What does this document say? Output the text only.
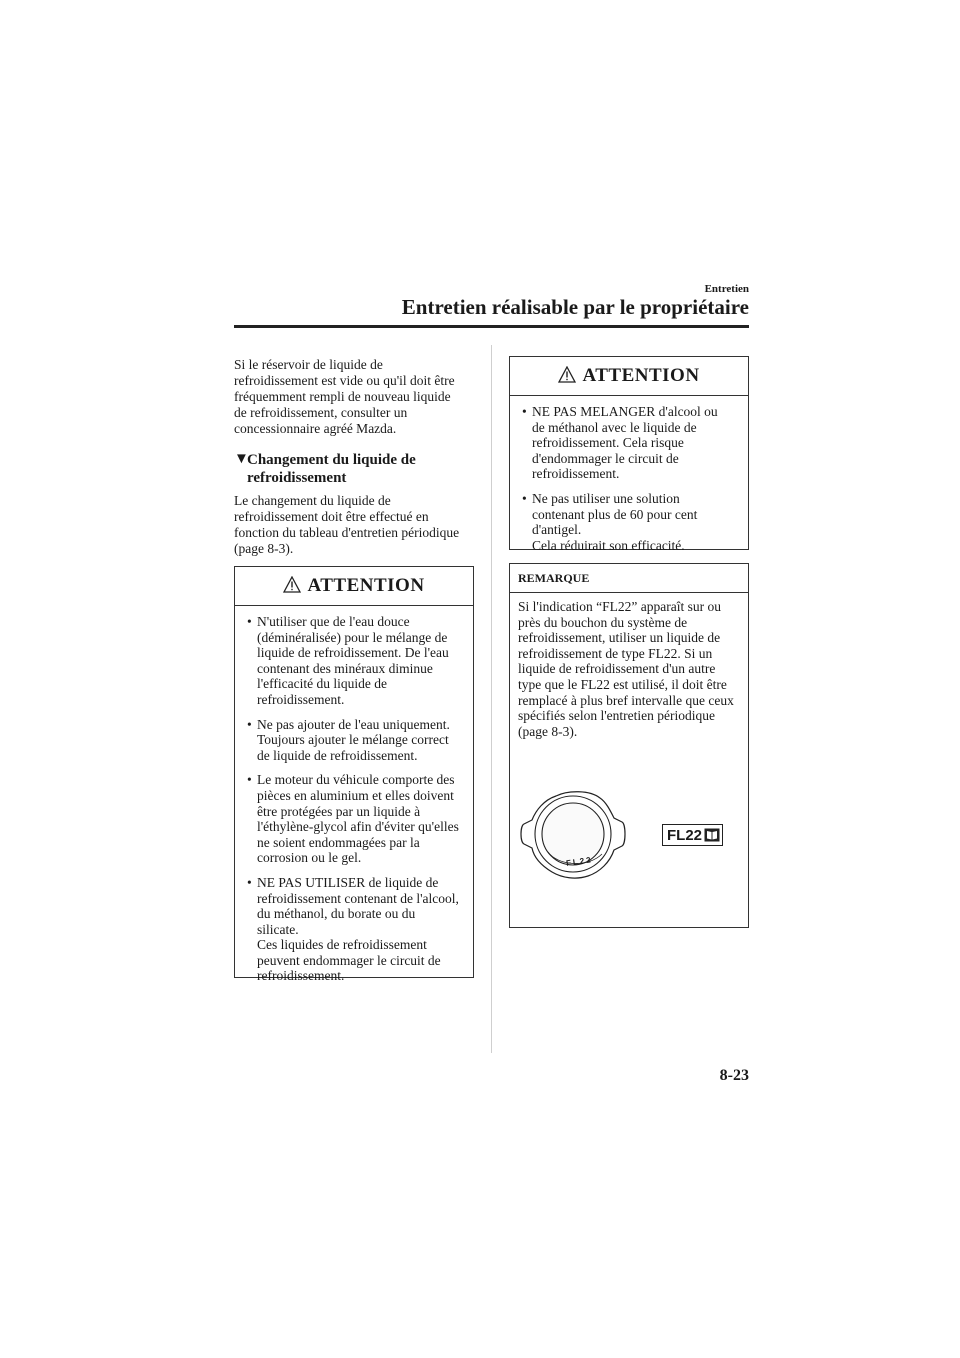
Entretien
Entretien réalisable par le propriétaire
Si le réservoir de liquide de
refroidissement est vide ou qu'il doit être
fréquemment rempli de nouveau liquide
de refroidissement, consulter un
concessionnaire agréé Mazda.
▼
Changement du liquide de
refroidissement
Le changement du liquide de
refroidissement doit être effectué en
fonction du tableau d'entretien périodique
(page 8-3).
ATTENTION
• N'utiliser que de l'eau douce
(déminéralisée) pour le mélange de
liquide de refroidissement. De l'eau
contenant des minéraux diminue
l'efficacité du liquide de
refroidissement.
• Ne pas ajouter de l'eau uniquement.
Toujours ajouter le mélange correct
de liquide de refroidissement.
• Le moteur du véhicule comporte des
pièces en aluminium et elles doivent
être protégées par un liquide à
l'éthylène-glycol afin d'éviter qu'elles
ne soient endommagées par la
corrosion ou le gel.
• NE PAS UTILISER de liquide de
refroidissement contenant de l'alcool,
du méthanol, du borate ou du
silicate.
Ces liquides de refroidissement
peuvent endommager le circuit de
refroidissement.
ATTENTION
• NE PAS MELANGER d'alcool ou
de méthanol avec le liquide de
refroidissement. Cela risque
d'endommager le circuit de
refroidissement.
• Ne pas utiliser une solution
contenant plus de 60 pour cent
d'antigel.
Cela réduirait son efficacité.
REMARQUE
Si l'indication “FL22” apparaît sur ou
près du bouchon du système de
refroidissement, utiliser un liquide de
refroidissement de type FL22. Si un
liquide de refroidissement d'un autre
type que le FL22 est utilisé, il doit être
remplacé à plus bref intervalle que ceux
spécifiés selon l'entretien périodique
(page 8-3).
FL22
FL22
8-23
